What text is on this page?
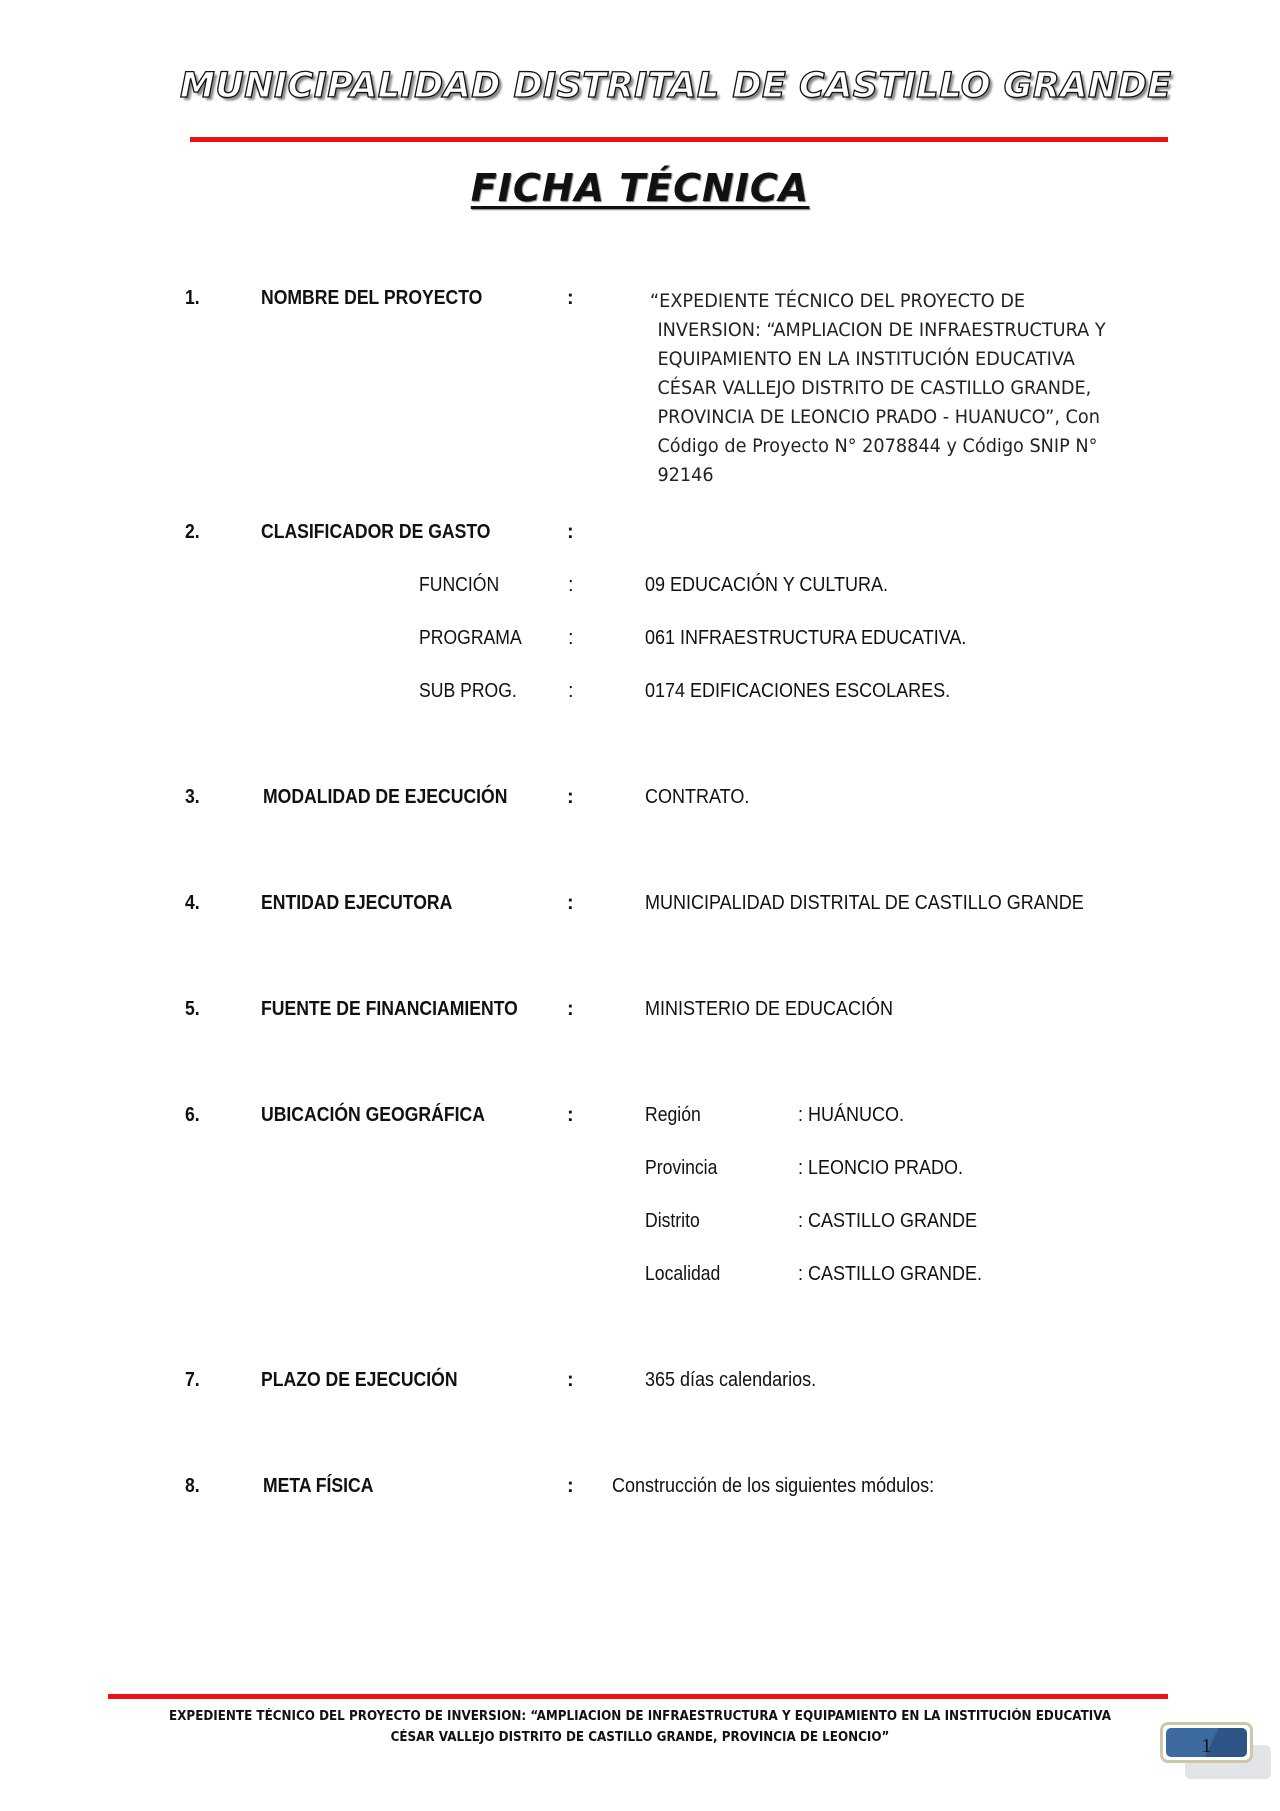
MUNICIPALIDAD DISTRITAL DE CASTILLO GRANDE
FICHA TÉCNICA
1.	NOMBRE DEL PROYECTO	:	“EXPEDIENTE TÉCNICO DEL PROYECTO DE
INVERSION: “AMPLIACION DE INFRAESTRUCTURA Y
EQUIPAMIENTO EN LA INSTITUCIÓN EDUCATIVA
CÉSAR VALLEJO DISTRITO DE CASTILLO GRANDE,
PROVINCIA DE LEONCIO PRADO - HUANUCO”, Con
Código de Proyecto N° 2078844 y Código SNIP N°
92146
2.	CLASIFICADOR DE GASTO	:
FUNCIÓN	:	09 EDUCACIÓN Y CULTURA.
PROGRAMA :	061 INFRAESTRUCTURA EDUCATIVA.
SUB PROG.	:	0174 EDIFICACIONES ESCOLARES.
3.	MODALIDAD DE EJECUCIÓN	:	CONTRATO.
4.	ENTIDAD EJECUTORA	:	MUNICIPALIDAD DISTRITAL DE CASTILLO GRANDE
5.	FUENTE DE FINANCIAMIENTO :	MINISTERIO DE EDUCACIÓN
6.	UBICACIÓN GEOGRÁFICA	:	Región	: HUÁNUCO.
Provincia	: LEONCIO PRADO.
Distrito	: CASTILLO GRANDE
Localidad	: CASTILLO GRANDE.
7.	PLAZO DE EJECUCIÓN	:	365 días calendarios.
8.	META FÍSICA	: Construcción de los siguientes módulos:
EXPEDIENTE TÉCNICO DEL PROYECTO DE INVERSION: “AMPLIACION DE INFRAESTRUCTURA Y EQUIPAMIENTO EN LA INSTITUCIÓN EDUCATIVA
CÉSAR VALLEJO DISTRITO DE CASTILLO GRANDE, PROVINCIA DE LEONCIO”	1
